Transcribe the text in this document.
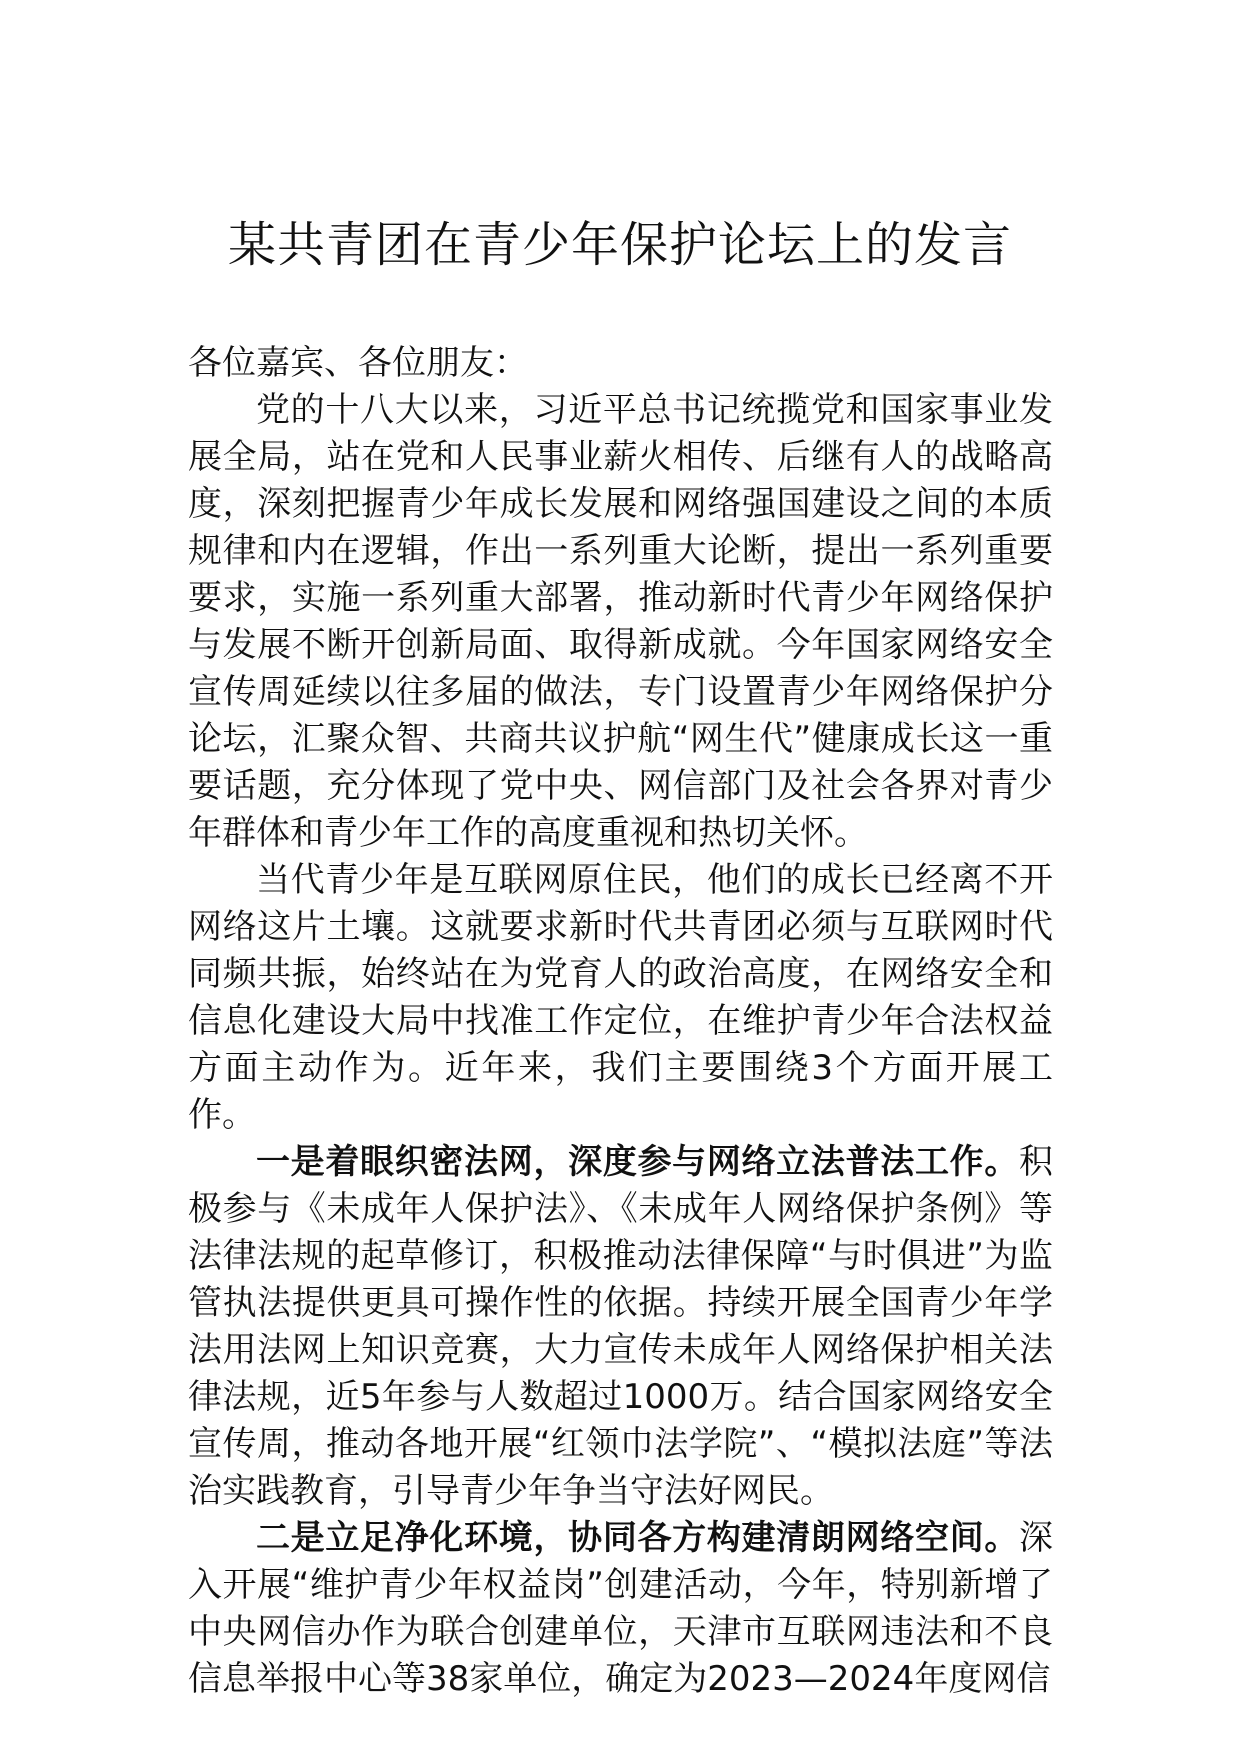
某共青团在青少年保护论坛上的发言

各位嘉宾、各位朋友：

党的十八大以来，习近平总书记统揽党和国家事业发展全局，站在党和人民事业薪火相传、后继有人的战略高度，深刻把握青少年成长发展和网络强国建设之间的本质规律和内在逻辑，作出一系列重大论断，提出一系列重要要求，实施一系列重大部署，推动新时代青少年网络保护与发展不断开创新局面、取得新成就。今年国家网络安全宣传周延续以往多届的做法，专门设置青少年网络保护分论坛，汇聚众智、共商共议护航“网生代”健康成长这一重要话题，充分体现了党中央、网信部门及社会各界对青少年群体和青少年工作的高度重视和热切关怀。

当代青少年是互联网原住民，他们的成长已经离不开网络这片土壤。这就要求新时代共青团必须与互联网时代同频共振，始终站在为党育人的政治高度，在网络安全和信息化建设大局中找准工作定位，在维护青少年合法权益方面主动作为。近年来，我们主要围绕3个方面开展工作。

一是着眼织密法网，深度参与网络立法普法工作。积极参与《未成年人保护法》、《未成年人网络保护条例》等法律法规的起草修订，积极推动法律保障“与时俱进”为监管执法提供更具可操作性的依据。持续开展全国青少年学法用法网上知识竞赛，大力宣传未成年人网络保护相关法律法规，近5年参与人数超过1000万。结合国家网络安全宣传周，推动各地开展“红领巾法学院”、“模拟法庭”等法治实践教育，引导青少年争当守法好网民。

二是立足净化环境，协同各方构建清朗网络空间。深入开展“维护青少年权益岗”创建活动，今年，特别新增了中央网信办作为联合创建单位，天津市互联网违法和不良信息举报中心等38家单位，确定为2023—2024年度网信
